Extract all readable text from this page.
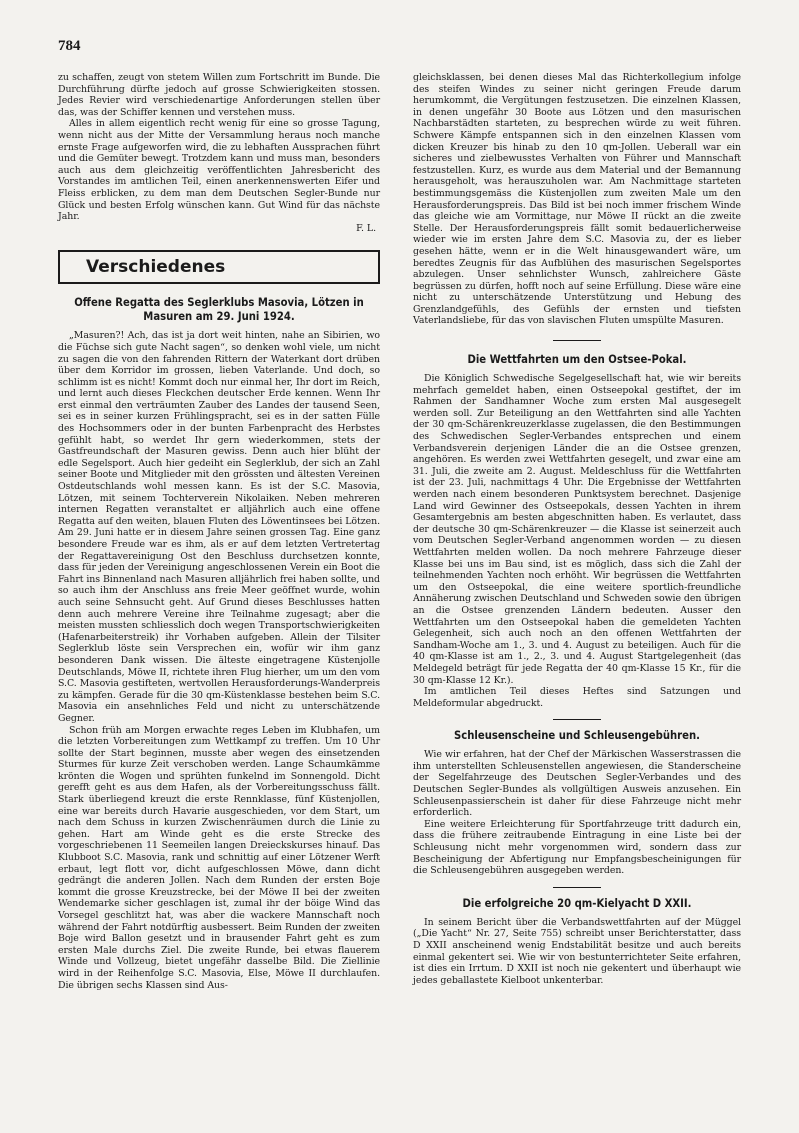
784

zu schaffen, zeugt von stetem Willen zum Fortschritt im Bunde. Die Durchführung dürfte jedoch auf grosse Schwierigkeiten stossen. Jedes Revier wird verschiedenartige Anforderungen stellen über das, was der Schiffer kennen und verstehen muss.

Alles in allem eigentlich recht wenig für eine so grosse Tagung, wenn nicht aus der Mitte der Versammlung heraus noch manche ernste Frage aufgeworfen wird, die zu lebhaften Aussprachen führt und die Gemüter bewegt. Trotzdem kann und muss man, besonders auch aus dem gleichzeitig veröffentlichten Jahresbericht des Vorstandes im amtlichen Teil, einen anerkennenswerten Eifer und Fleiss erblicken, zu dem man dem Deutschen Segler-Bunde nur Glück und besten Erfolg wünschen kann. Gut Wind für das nächste Jahr.

F. L.

Verschiedenes
Offene Regatta des Seglerklubs Masovia, Lötzen in Masuren am 29. Juni 1924.

„Masuren?! Ach, das ist ja dort weit hinten, nahe an Sibirien, wo die Füchse sich gute Nacht sagen“, so denken wohl viele, um nicht zu sagen die von den fahrenden Rittern der Waterkant dort drüben über dem Korridor im grossen, lieben Vaterlande. Und doch, so schlimm ist es nicht! Kommt doch nur einmal her, Ihr dort im Reich, und lernt auch dieses Fleckchen deutscher Erde kennen. Wenn Ihr erst einmal den verträumten Zauber des Landes der tausend Seen, sei es in seiner kurzen Frühlingspracht, sei es in der satten Fülle des Hochsommers oder in der bunten Farbenpracht des Herbstes gefühlt habt, so werdet Ihr gern wiederkommen, stets der Gastfreundschaft der Masuren gewiss. Denn auch hier blüht der edle Segelsport. Auch hier gedeiht ein Seglerklub, der sich an Zahl seiner Boote und Mitglieder mit den grössten und ältesten Vereinen Ostdeutschlands wohl messen kann. Es ist der S.C. Masovia, Lötzen, mit seinem Tochterverein Nikolaiken. Neben mehreren internen Regatten veranstaltet er alljährlich auch eine offene Regatta auf den weiten, blauen Fluten des Löwentinsees bei Lötzen. Am 29. Juni hatte er in diesem Jahre seinen grossen Tag. Eine ganz besondere Freude war es ihm, als er auf dem letzten Vertretertag der Regattavereinigung Ost den Beschluss durchsetzen konnte, dass für jeden der Vereinigung angeschlossenen Verein ein Boot die Fahrt ins Binnenland nach Masuren alljährlich frei haben sollte, und so auch ihm der Anschluss ans freie Meer geöffnet wurde, wohin auch seine Sehnsucht geht. Auf Grund dieses Beschlusses hatten denn auch mehrere Vereine ihre Teilnahme zugesagt; aber die meisten mussten schliesslich doch wegen Transportschwierigkeiten (Hafenarbeiterstreik) ihr Vorhaben aufgeben. Allein der Tilsiter Seglerklub löste sein Versprechen ein, wofür wir ihm ganz besonderen Dank wissen. Die älteste eingetragene Küstenjolle Deutschlands, Möwe II, richtete ihren Flug hierher, um um den vom S.C. Masovia gestifteten, wertvollen Herausforderungs-Wanderpreis zu kämpfen. Gerade für die 30 qm-Küstenklasse bestehen beim S.C. Masovia ein ansehnliches Feld und nicht zu unterschätzende Gegner.

Schon früh am Morgen erwachte reges Leben im Klubhafen, um die letzten Vorbereitungen zum Wettkampf zu treffen. Um 10 Uhr sollte der Start beginnen, musste aber wegen des einsetzenden Sturmes für kurze Zeit verschoben werden. Lange Schaumkämme krönten die Wogen und sprühten funkelnd im Sonnengold. Dicht gerefft geht es aus dem Hafen, als der Vorbereitungsschuss fällt. Stark überliegend kreuzt die erste Rennklasse, fünf Küstenjollen, eine war bereits durch Havarie ausgeschieden, vor dem Start, um nach dem Schuss in kurzen Zwischenräumen durch die Linie zu gehen. Hart am Winde geht es die erste Strecke des vorgeschriebenen 11 Seemeilen langen Dreieckskurses hinauf. Das Klubboot S.C. Masovia, rank und schnittig auf einer Lötzener Werft erbaut, legt flott vor, dicht aufgeschlossen Möwe, dann dicht gedrängt die anderen Jollen. Nach dem Runden der ersten Boje kommt die grosse Kreuzstrecke, bei der Möwe II bei der zweiten Wendemarke sicher geschlagen ist, zumal ihr der böige Wind das Vorsegel geschlitzt hat, was aber die wackere Mannschaft noch während der Fahrt notdürftig ausbessert. Beim Runden der zweiten Boje wird Ballon gesetzt und in brausender Fahrt geht es zum ersten Male durchs Ziel. Die zweite Runde, bei etwas flauerem Winde und Vollzeug, bietet ungefähr dasselbe Bild. Die Ziellinie wird in der Reihenfolge S.C. Masovia, Else, Möwe II durchlaufen. Die übrigen sechs Klassen sind Aus-

gleichsklassen, bei denen dieses Mal das Richterkollegium infolge des steifen Windes zu seiner nicht geringen Freude darum herumkommt, die Vergütungen festzusetzen. Die einzelnen Klassen, in denen ungefähr 30 Boote aus Lötzen und den masurischen Nachbarstädten starteten, zu besprechen würde zu weit führen. Schwere Kämpfe entspannen sich in den einzelnen Klassen vom dicken Kreuzer bis hinab zu den 10 qm-Jollen. Ueberall war ein sicheres und zielbewusstes Verhalten von Führer und Mannschaft festzustellen. Kurz, es wurde aus dem Material und der Bemannung herausgeholt, was herauszuholen war. Am Nachmittage starteten bestimmungsgemäss die Küstenjollen zum zweiten Male um den Herausforderungspreis. Das Bild ist bei noch immer frischem Winde das gleiche wie am Vormittage, nur Möwe II rückt an die zweite Stelle. Der Herausforderungspreis fällt somit bedauerlicherweise wieder wie im ersten Jahre dem S.C. Masovia zu, der es lieber gesehen hätte, wenn er in die Welt hinausgewandert wäre, um beredtes Zeugnis für das Aufblühen des masurischen Segelsportes abzulegen. Unser sehnlichster Wunsch, zahlreichere Gäste begrüssen zu dürfen, hofft noch auf seine Erfüllung. Diese wäre eine nicht zu unterschätzende Unterstützung und Hebung des Grenzlandgefühls, des Gefühls der ernsten und tiefsten Vaterlandsliebe, für das von slavischen Fluten umspülte Masuren.

Die Wettfahrten um den Ostsee-Pokal.

Die Königlich Schwedische Segelgesellschaft hat, wie wir bereits mehrfach gemeldet haben, einen Ostseepokal gestiftet, der im Rahmen der Sandhamner Woche zum ersten Mal ausgesegelt werden soll. Zur Beteiligung an den Wettfahrten sind alle Yachten der 30 qm-Schärenkreuzerklasse zugelassen, die den Bestimmungen des Schwedischen Segler-Verbandes entsprechen und einem Verbandsverein derjenigen Länder die an die Ostsee grenzen, angehören. Es werden zwei Wettfahrten gesegelt, und zwar eine am 31. Juli, die zweite am 2. August. Meldeschluss für die Wettfahrten ist der 23. Juli, nachmittags 4 Uhr. Die Ergebnisse der Wettfahrten werden nach einem besonderen Punktsystem berechnet. Dasjenige Land wird Gewinner des Ostseepokals, dessen Yachten in ihrem Gesamtergebnis am besten abgeschnitten haben. Es verlautet, dass der deutsche 30 qm-Schärenkreuzer — die Klasse ist seinerzeit auch vom Deutschen Segler-Verband angenommen worden — zu diesen Wettfahrten melden wollen. Da noch mehrere Fahrzeuge dieser Klasse bei uns im Bau sind, ist es möglich, dass sich die Zahl der teilnehmenden Yachten noch erhöht. Wir begrüssen die Wettfahrten um den Ostseepokal, die eine weitere sportlich-freundliche Annäherung zwischen Deutschland und Schweden sowie den übrigen an die Ostsee grenzenden Ländern bedeuten. Ausser den Wettfahrten um den Ostseepokal haben die gemeldeten Yachten Gelegenheit, sich auch noch an den offenen Wettfahrten der Sandham-Woche am 1., 3. und 4. August zu beteiligen. Auch für die 40 qm-Klasse ist am 1., 2., 3. und 4. August Startgelegenheit (das Meldegeld beträgt für jede Regatta der 40 qm-Klasse 15 Kr., für die 30 qm-Klasse 12 Kr.).

Im amtlichen Teil dieses Heftes sind Satzungen und Meldeformular abgedruckt.

Schleusenscheine und Schleusengebühren.

Wie wir erfahren, hat der Chef der Märkischen Wasserstrassen die ihm unterstellten Schleusenstellen angewiesen, die Standerscheine der Segelfahrzeuge des Deutschen Segler-Verbandes und des Deutschen Segler-Bundes als vollgültigen Ausweis anzusehen. Ein Schleusenpassierschein ist daher für diese Fahrzeuge nicht mehr erforderlich.

Eine weitere Erleichterung für Sportfahrzeuge tritt dadurch ein, dass die frühere zeitraubende Eintragung in eine Liste bei der Schleusung nicht mehr vorgenommen wird, sondern dass zur Bescheinigung der Abfertigung nur Empfangsbescheinigungen für die Schleusengebühren ausgegeben werden.

Die erfolgreiche 20 qm-Kielyacht D XXII.

In seinem Bericht über die Verbandswettfahrten auf der Müggel („Die Yacht“ Nr. 27, Seite 755) schreibt unser Berichterstatter, dass D XXII anscheinend wenig Endstabilität besitze und auch bereits einmal gekentert sei. Wie wir von bestunterrichteter Seite erfahren, ist dies ein Irrtum. D XXII ist noch nie gekentert und überhaupt wie jedes geballastete Kielboot unkenterbar.
